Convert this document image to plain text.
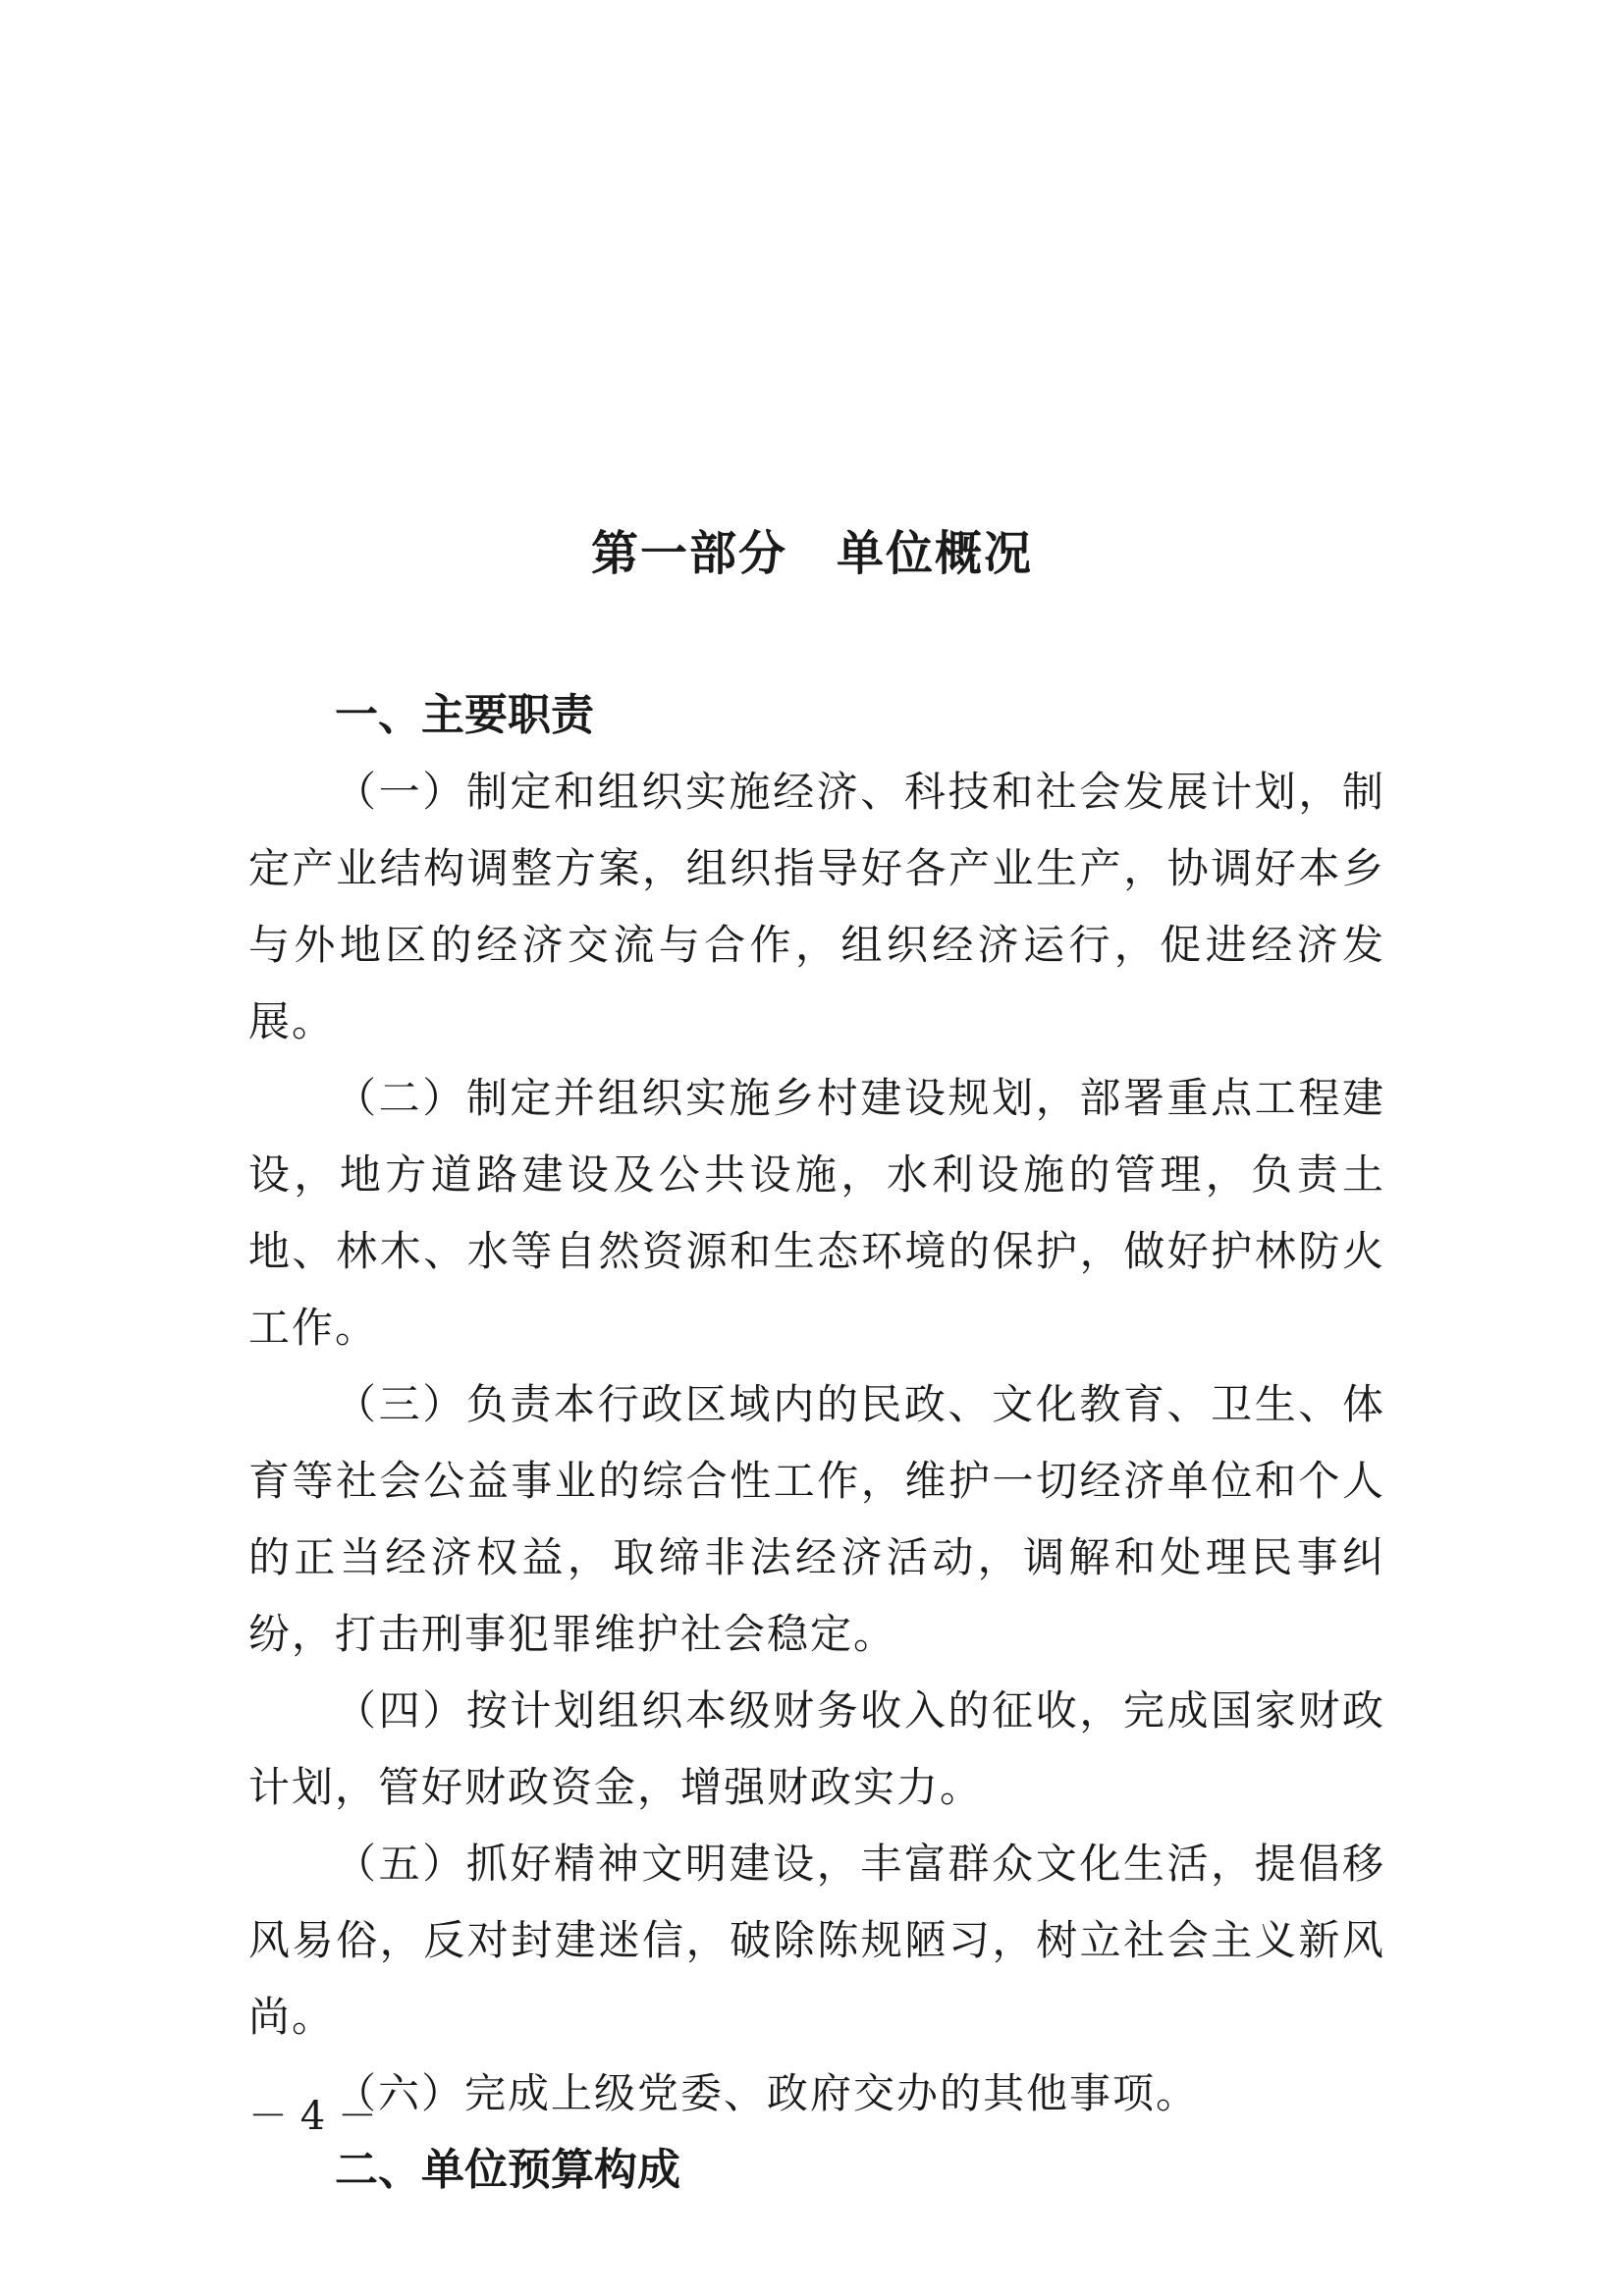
第一部分　单位概况
一、主要职责

（一）制定和组织实施经济、科技和社会发展计划，制定产业结构调整方案，组织指导好各产业生产，协调好本乡与外地区的经济交流与合作，组织经济运行，促进经济发展。

（二）制定并组织实施乡村建设规划，部署重点工程建设，地方道路建设及公共设施，水利设施的管理，负责土地、林木、水等自然资源和生态环境的保护，做好护林防火工作。

（三）负责本行政区域内的民政、文化教育、卫生、体育等社会公益事业的综合性工作，维护一切经济单位和个人的正当经济权益，取缔非法经济活动，调解和处理民事纠纷，打击刑事犯罪维护社会稳定。

（四）按计划组织本级财务收入的征收，完成国家财政计划，管好财政资金，增强财政实力。

（五）抓好精神文明建设，丰富群众文化生活，提倡移风易俗，反对封建迷信，破除陈规陋习，树立社会主义新风尚。

（六）完成上级党委、政府交办的其他事项。

二、单位预算构成
－ 4 －
